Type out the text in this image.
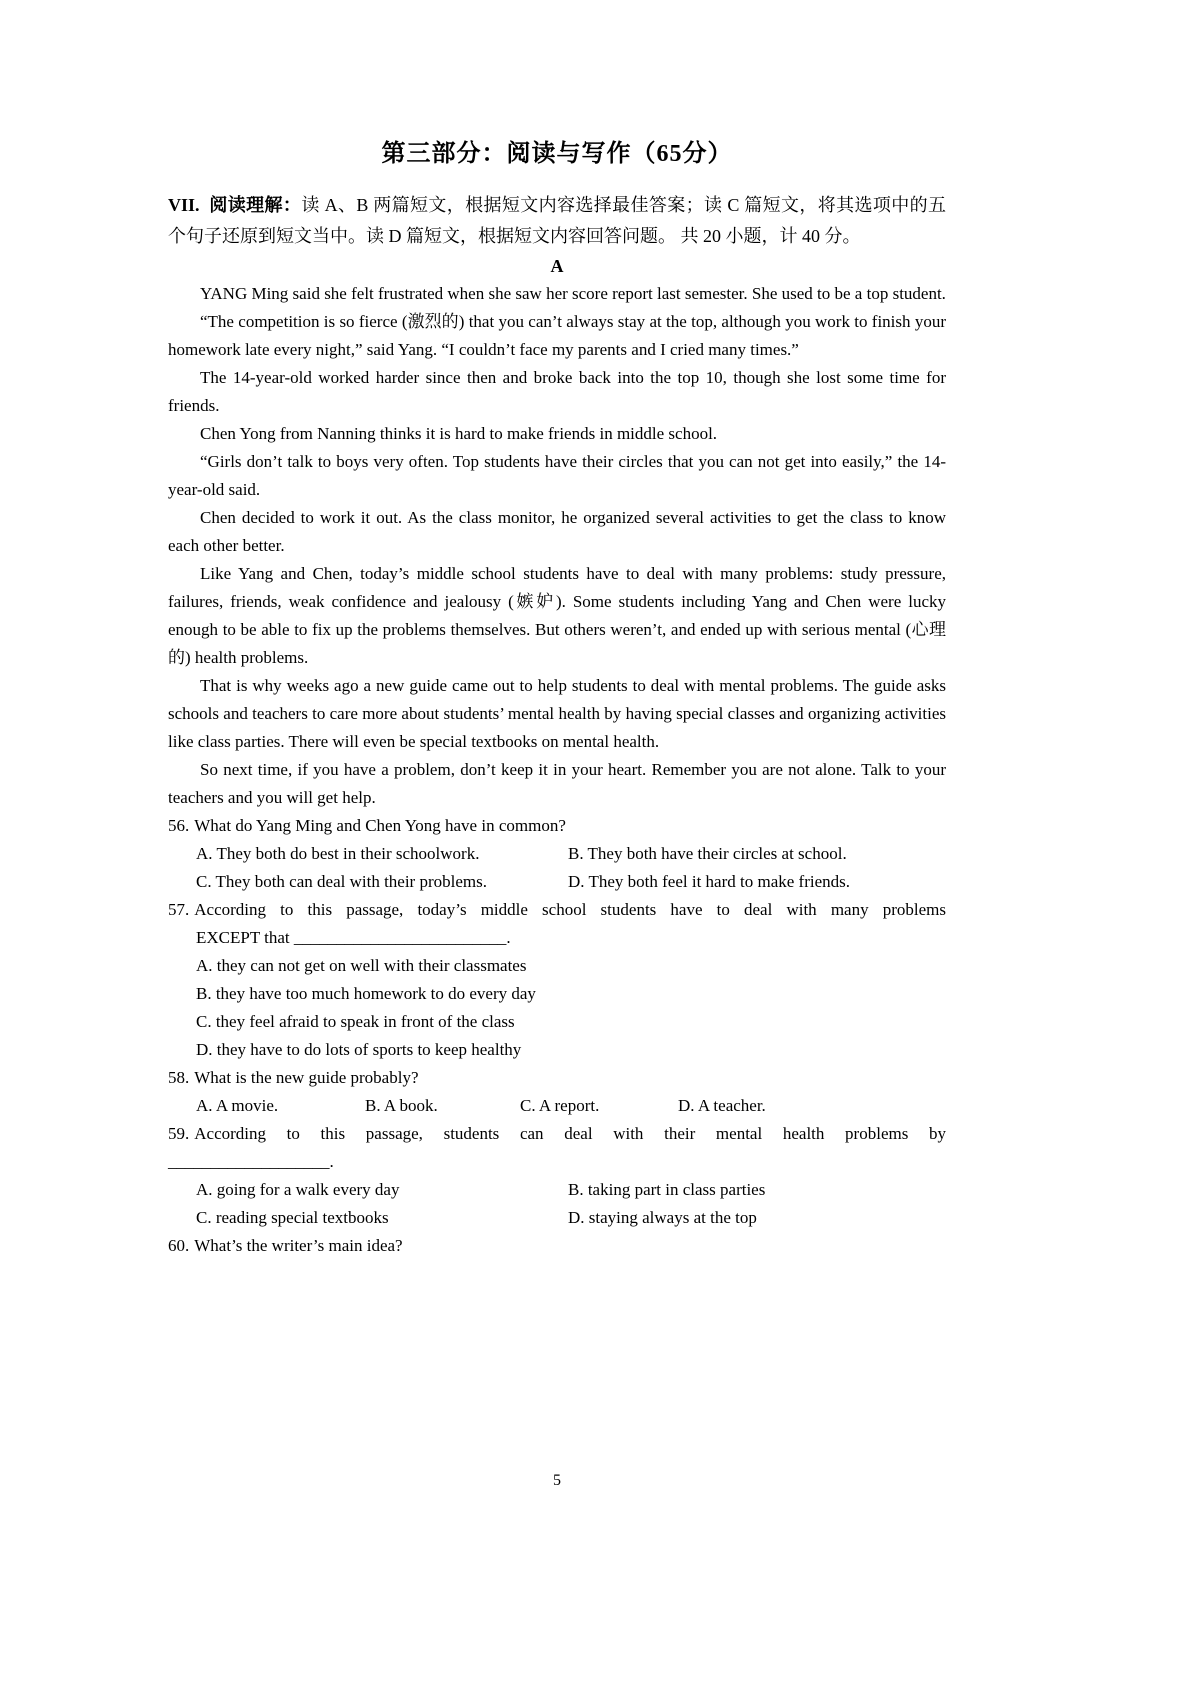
第三部分：阅读与写作（65分）
VII. 阅读理解：读 A、B 两篇短文，根据短文内容选择最佳答案；读 C 篇短文，将其选项中的五个句子还原到短文当中。读 D 篇短文，根据短文内容回答问题。 共 20 小题，计 40 分。
A

YANG Ming said she felt frustrated when she saw her score report last semester. She used to be a top student.

“The competition is so fierce (激烈的) that you can’t always stay at the top, although you work to finish your homework late every night,” said Yang. “I couldn’t face my parents and I cried many times.”

The 14-year-old worked harder since then and broke back into the top 10, though she lost some time for friends.

Chen Yong from Nanning thinks it is hard to make friends in middle school.

“Girls don’t talk to boys very often. Top students have their circles that you can not get into easily,” the 14-year-old said.

Chen decided to work it out. As the class monitor, he organized several activities to get the class to know each other better.

Like Yang and Chen, today’s middle school students have to deal with many problems: study pressure, failures, friends, weak confidence and jealousy (嫉妒). Some students including Yang and Chen were lucky enough to be able to fix up the problems themselves. But others weren’t, and ended up with serious mental (心理的) health problems.

That is why weeks ago a new guide came out to help students to deal with mental problems. The guide asks schools and teachers to care more about students’ mental health by having special classes and organizing activities like class parties. There will even be special textbooks on mental health.

So next time, if you have a problem, don’t keep it in your heart. Remember you are not alone. Talk to your teachers and you will get help.

56. What do Yang Ming and Chen Yong have in common?
A. They both do best in their schoolwork.	B. They both have their circles at school.
C. They both can deal with their problems.	D. They both feel it hard to make friends.
57. According to this passage, today’s middle school students have to deal with many problems
EXCEPT that _________________________.
A. they can not get on well with their classmates
B. they have too much homework to do every day
C. they feel afraid to speak in front of the class
D. they have to do lots of sports to keep healthy
58. What is the new guide probably?
A. A movie.	B. A book.	C. A report.	D. A teacher.
59. According to this passage, students can deal with their mental health problems by
___________________.
A. going for a walk every day	B. taking part in class parties
C. reading special textbooks	D. staying always at the top
60. What’s the writer’s main idea?
5
